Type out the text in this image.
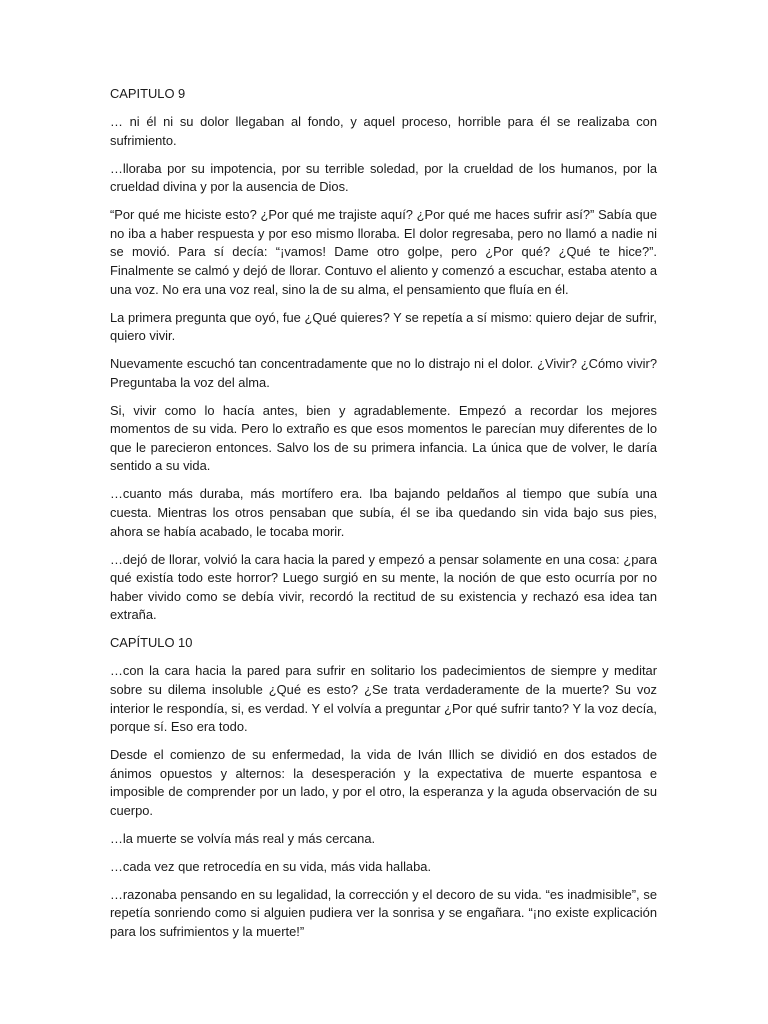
CAPITULO 9

… ni él ni su dolor llegaban al fondo, y aquel proceso, horrible para él se realizaba con sufrimiento.

…lloraba por su impotencia, por su terrible soledad, por la crueldad de los humanos, por la crueldad divina y por la ausencia de Dios.

“Por qué me hiciste esto? ¿Por qué me trajiste aquí? ¿Por qué me haces sufrir así?” Sabía que no iba a haber respuesta y por eso mismo lloraba. El dolor regresaba, pero no llamó a nadie ni se movió. Para sí decía: “¡vamos! Dame otro golpe, pero ¿Por qué? ¿Qué te hice?”. Finalmente se calmó y dejó de llorar. Contuvo el aliento y comenzó a escuchar, estaba atento a una voz. No era una voz real, sino la de su alma, el pensamiento que fluía en él.

La primera pregunta que oyó, fue ¿Qué quieres? Y se repetía a sí mismo: quiero dejar de sufrir, quiero vivir.

Nuevamente escuchó tan concentradamente que no lo distrajo ni el dolor. ¿Vivir? ¿Cómo vivir? Preguntaba la voz del alma.

Si, vivir como lo hacía antes, bien y agradablemente. Empezó a recordar los mejores momentos de su vida. Pero lo extraño es que esos momentos le parecían muy diferentes de lo que le parecieron entonces. Salvo los de su primera infancia. La única que de volver, le daría sentido a su vida.

…cuanto más duraba, más mortífero era. Iba bajando peldaños al tiempo que subía una cuesta. Mientras los otros pensaban que subía, él se iba quedando sin vida bajo sus pies, ahora se había acabado, le tocaba morir.

…dejó de llorar, volvió la cara hacia la pared y empezó a pensar solamente en una cosa: ¿para qué existía todo este horror? Luego surgió en su mente, la noción de que esto ocurría por no haber vivido como se debía vivir, recordó la rectitud de su existencia y rechazó esa idea tan extraña.

CAPÍTULO 10

…con la cara hacia la pared para sufrir en solitario los padecimientos de siempre y meditar sobre su dilema insoluble ¿Qué es esto? ¿Se trata verdaderamente de la muerte? Su voz interior le respondía, si, es verdad. Y el volvía a preguntar ¿Por qué sufrir tanto? Y la voz decía, porque sí. Eso era todo.

Desde el comienzo de su enfermedad, la vida de Iván Illich se dividió en dos estados de ánimos opuestos y alternos: la desesperación y la expectativa de muerte espantosa e imposible de comprender por un lado, y por el otro, la esperanza y la aguda observación de su cuerpo.

…la muerte se volvía más real y más cercana.

…cada vez que retrocedía en su vida, más vida hallaba.

…razonaba pensando en su legalidad, la corrección y el decoro de su vida. “es inadmisible”, se repetía sonriendo como si alguien pudiera ver la sonrisa y se engañara. “¡no existe explicación para los sufrimientos y la muerte!”
